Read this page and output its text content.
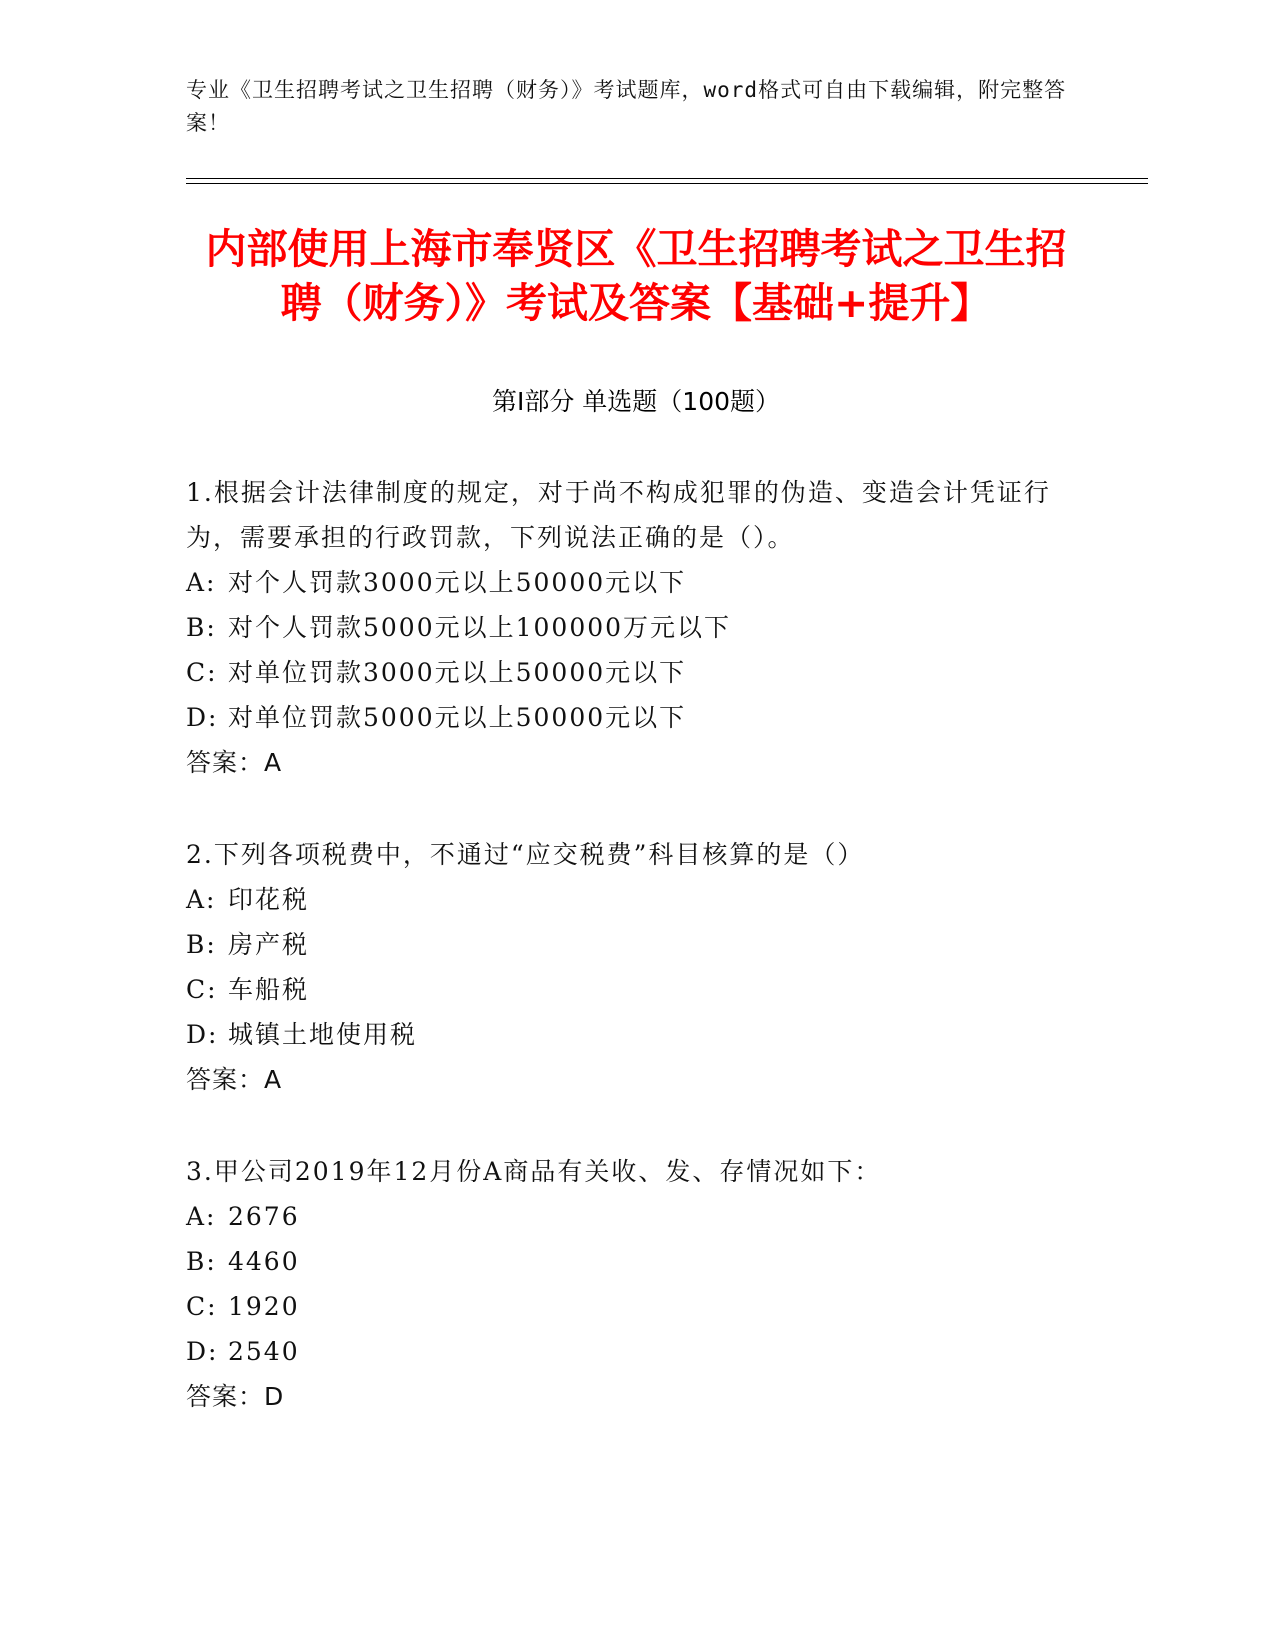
专业《卫生招聘考试之卫生招聘（财务）》考试题库，word格式可自由下载编辑，附完整答案！
内部使用上海市奉贤区《卫生招聘考试之卫生招聘（财务）》考试及答案【基础+提升】
第Ⅰ部分 单选题（100题）

1.根据会计法律制度的规定，对于尚不构成犯罪的伪造、变造会计凭证行为，需要承担的行政罚款，下列说法正确的是（）。

A: 对个人罚款3000元以上50000元以下

B: 对个人罚款5000元以上100000万元以下

C: 对单位罚款3000元以上50000元以下

D: 对单位罚款5000元以上50000元以下

答案：A

2.下列各项税费中，不通过“应交税费”科目核算的是（）

A: 印花税

B: 房产税

C: 车船税

D: 城镇土地使用税

答案：A

3.甲公司2019年12月份A商品有关收、发、存情况如下：

A: 2676

B: 4460

C: 1920

D: 2540

答案：D
